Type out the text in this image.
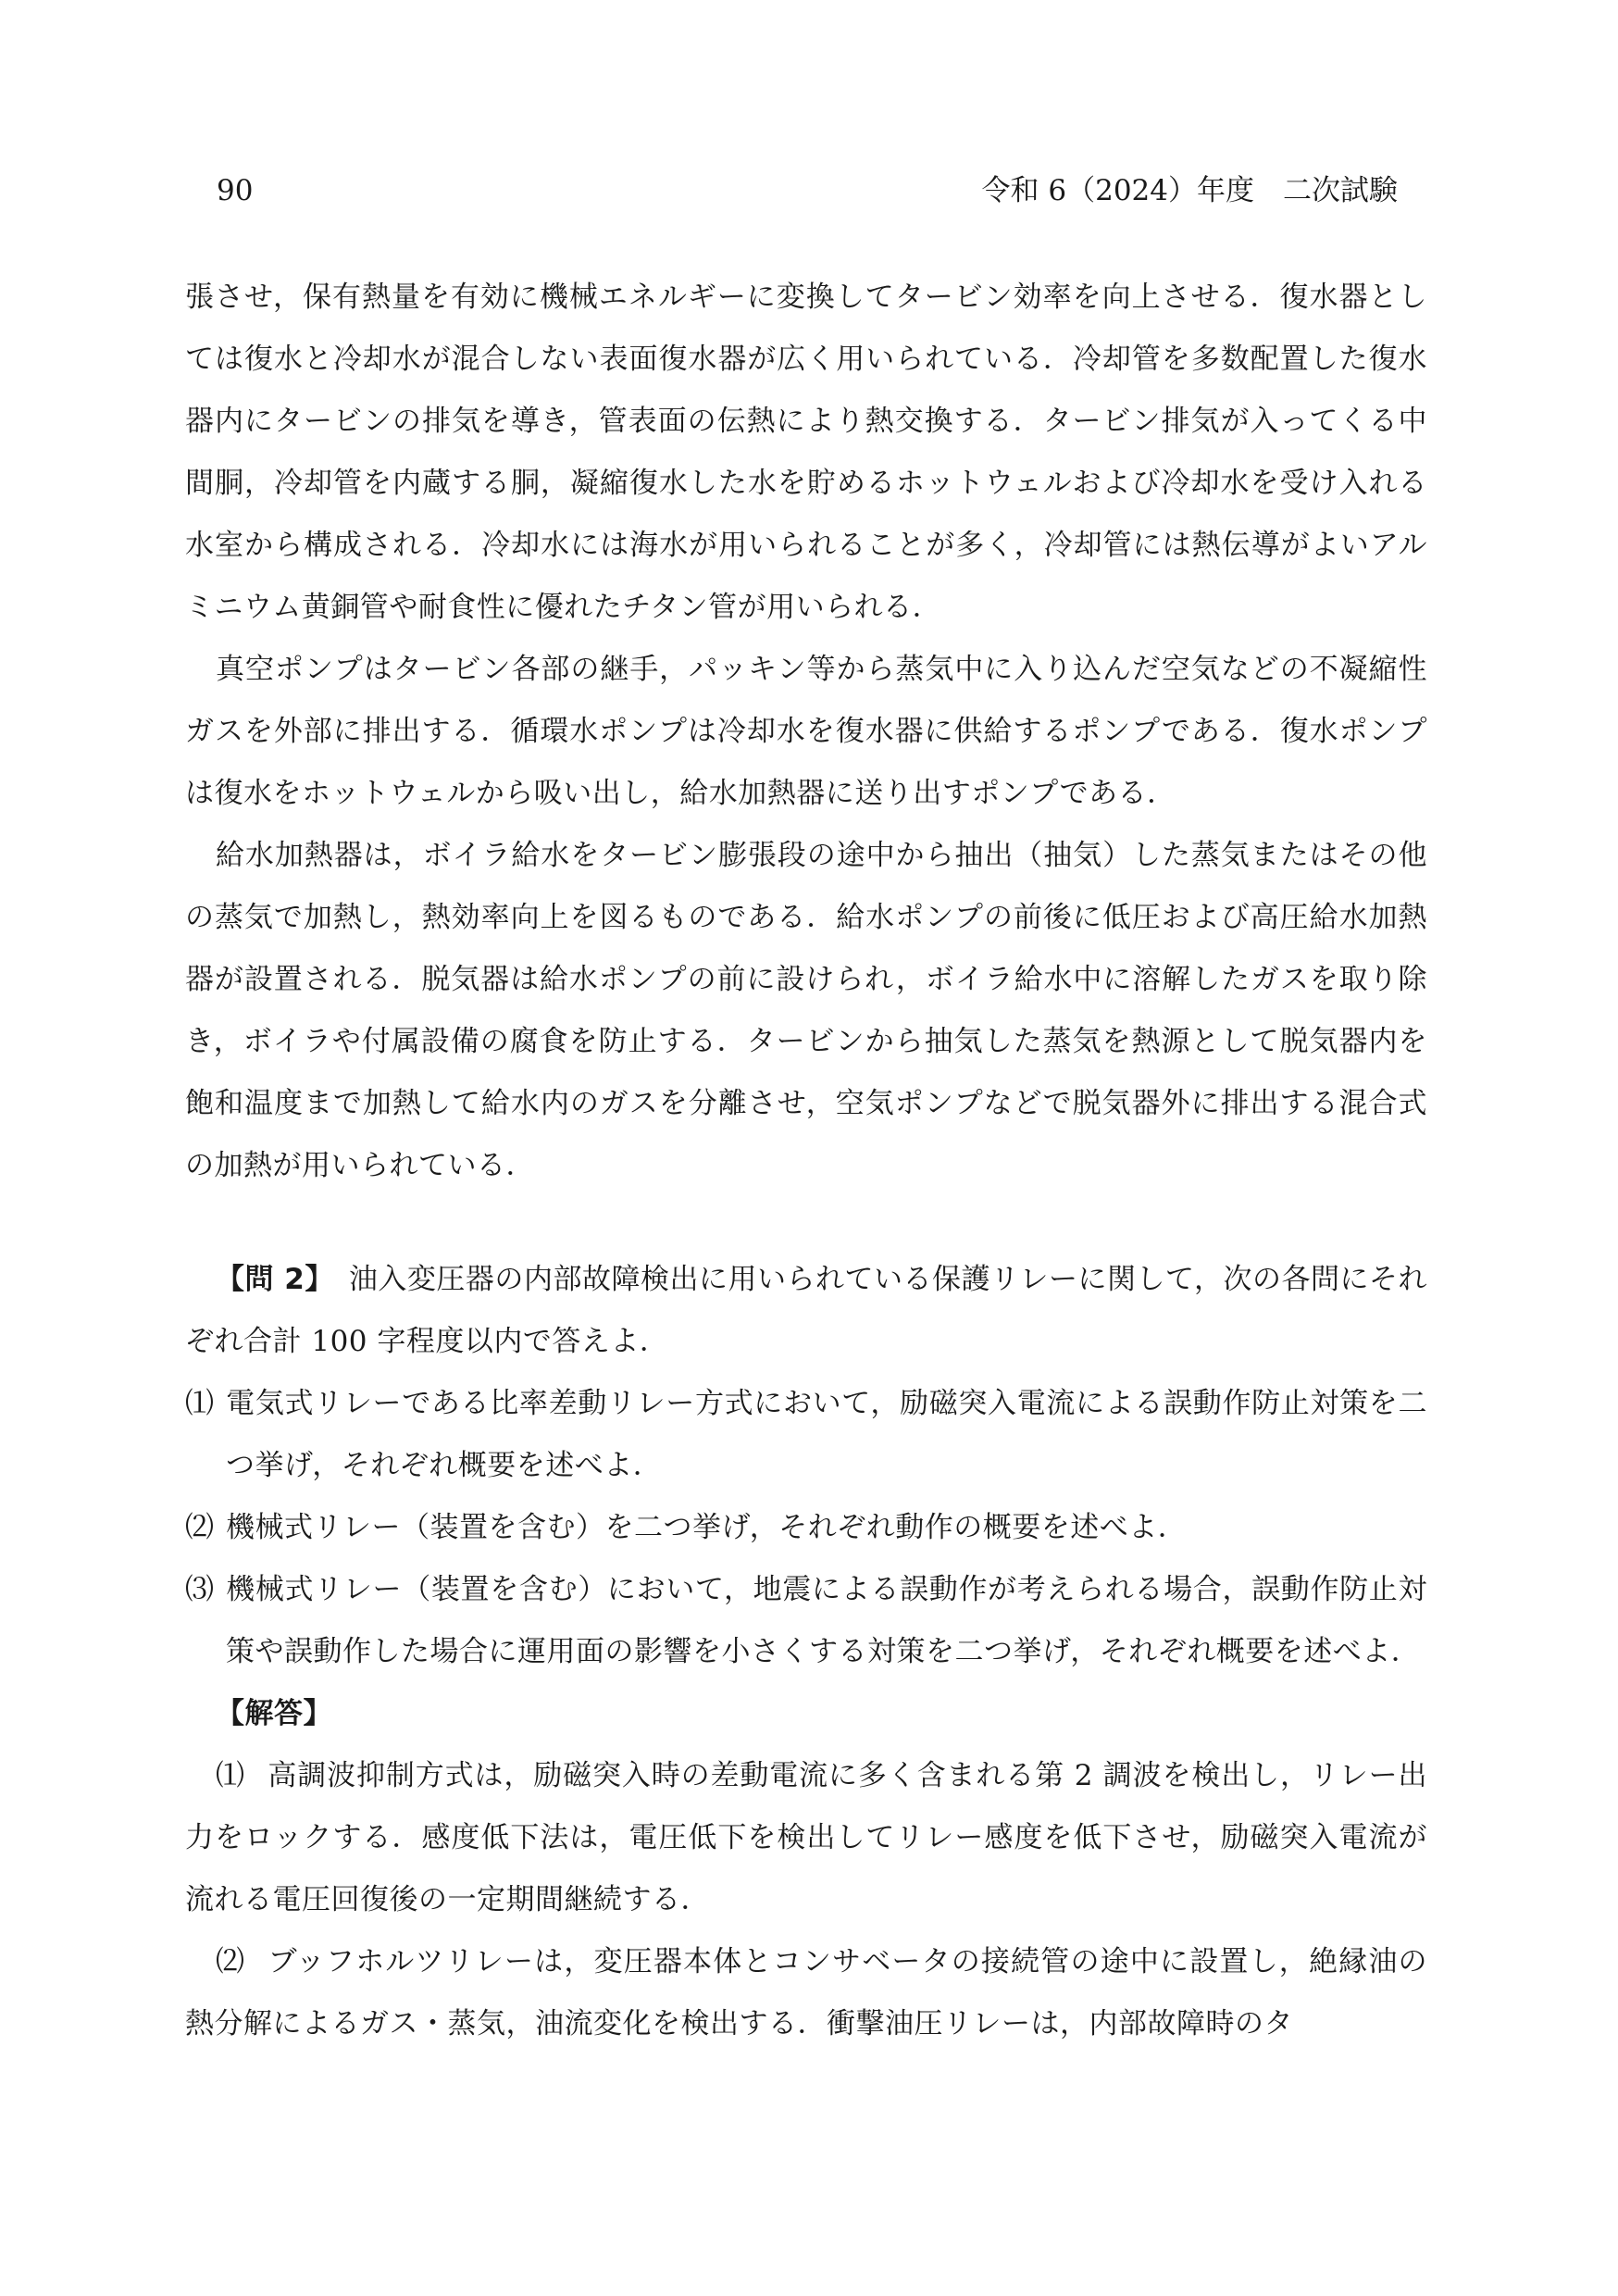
90	令和 6（2024）年度　二次試験

張させ，保有熱量を有効に機械エネルギーに変換してタービン効率を向上させる．復水器としては復水と冷却水が混合しない表面復水器が広く用いられている．冷却管を多数配置した復水器内にタービンの排気を導き，管表面の伝熱により熱交換する．タービン排気が入ってくる中間胴，冷却管を内蔵する胴，凝縮復水した水を貯めるホットウェルおよび冷却水を受け入れる水室から構成される．冷却水には海水が用いられることが多く，冷却管には熱伝導がよいアルミニウム黄銅管や耐食性に優れたチタン管が用いられる．

真空ポンプはタービン各部の継手，パッキン等から蒸気中に入り込んだ空気などの不凝縮性ガスを外部に排出する．循環水ポンプは冷却水を復水器に供給するポンプである．復水ポンプは復水をホットウェルから吸い出し，給水加熱器に送り出すポンプである．

給水加熱器は，ボイラ給水をタービン膨張段の途中から抽出（抽気）した蒸気またはその他の蒸気で加熱し，熱効率向上を図るものである．給水ポンプの前後に低圧および高圧給水加熱器が設置される．脱気器は給水ポンプの前に設けられ，ボイラ給水中に溶解したガスを取り除き，ボイラや付属設備の腐食を防止する．タービンから抽気した蒸気を熱源として脱気器内を飽和温度まで加熱して給水内のガスを分離させ，空気ポンプなどで脱気器外に排出する混合式の加熱が用いられている．

【問 2】　 油入変圧器の内部故障検出に用いられている保護リレーに関して，次の各問にそれぞれ合計 100 字程度以内で答えよ．

⑴ 電気式リレーである比率差動リレー方式において，励磁突入電流による誤動作防止対策を二つ挙げ，それぞれ概要を述べよ．

⑵ 機械式リレー（装置を含む）を二つ挙げ，それぞれ動作の概要を述べよ．

⑶ 機械式リレー（装置を含む）において，地震による誤動作が考えられる場合，誤動作防止対策や誤動作した場合に運用面の影響を小さくする対策を二つ挙げ，それぞれ概要を述べよ．

【解答】

⑴ 高調波抑制方式は，励磁突入時の差動電流に多く含まれる第 2 調波を検出し，リレー出力をロックする．感度低下法は，電圧低下を検出してリレー感度を低下させ，励磁突入電流が流れる電圧回復後の一定期間継続する．

⑵ ブッフホルツリレーは，変圧器本体とコンサベータの接続管の途中に設置し，絶縁油の熱分解によるガス・蒸気，油流変化を検出する．衝撃油圧リレーは，内部故障時のタ
